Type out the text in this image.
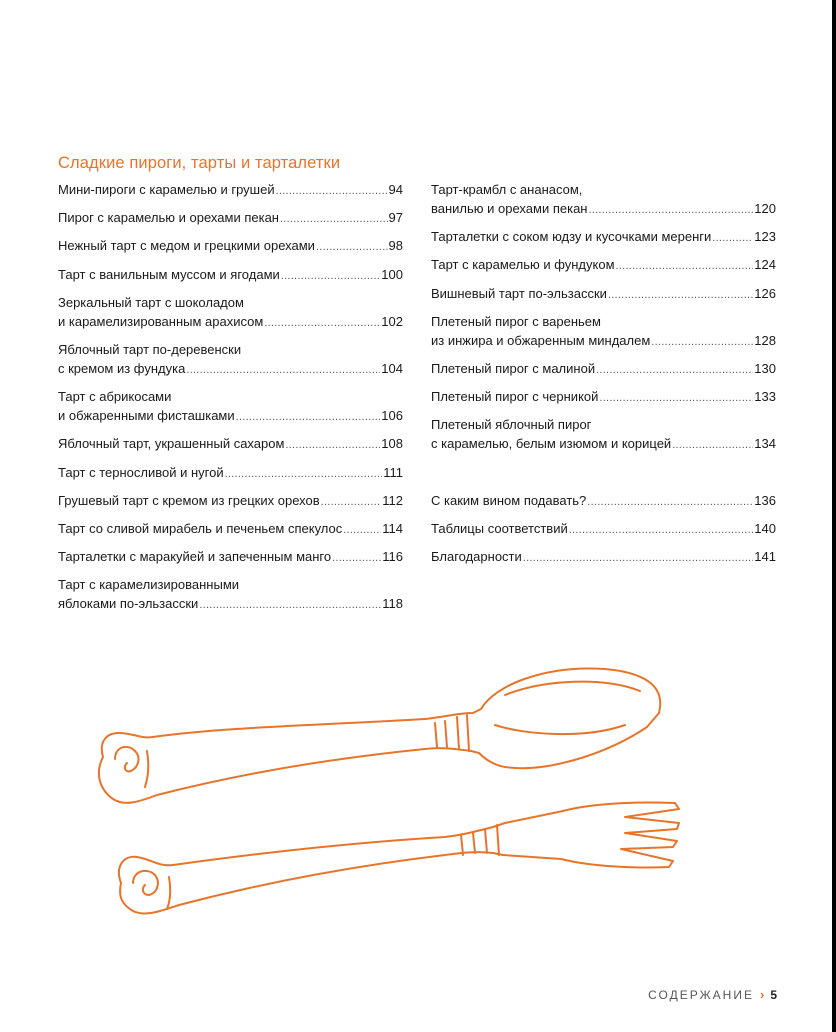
Сладкие пироги, тарты и тарталетки
Мини-пироги с карамелью и грушей . . .	94
Пирог с карамелью и орехами пекан . . .	97
Нежный тарт с медом и грецкими орехами . . .	98
Тарт с ванильным муссом и ягодами . . .	100
Зеркальный тарт с шоколадом
и карамелизированным арахисом . . .	102
Яблочный тарт по-деревенски
с кремом из фундука . . .	104
Тарт с абрикосами
и обжаренными фисташками . . .	106
Яблочный тарт, украшенный сахаром . . .	108
Тарт с терносливой и нугой . . .	111
Грушевый тарт с кремом из грецких орехов . . .	112
Тарт со сливой мирабель и печеньем спекулос . . .	114
Тарталетки с маракуйей и запеченным манго . . .	116
Тарт с карамелизированными
яблоками по-эльзасски . . .	118
Тарт-крамбл с ананасом,
ванилью и орехами пекан . . .	120
Тарталетки с соком юдзу и кусочками меренги . . .	123
Тарт с карамелью и фундуком . . .	124
Вишневый тарт по-эльзасски . . .	126
Плетеный пирог с вареньем
из инжира и обжаренным миндалем . . .	128
Плетеный пирог с малиной . . .	130
Плетеный пирог с черникой . . .	133
Плетеный яблочный пирог
с карамелью, белым изюмом и корицей . . .	134
С каким вином подавать? . . .	136
Таблицы соответствий . . .	140
Благодарности . . .	141
СОДЕРЖАНИЕ › 5
